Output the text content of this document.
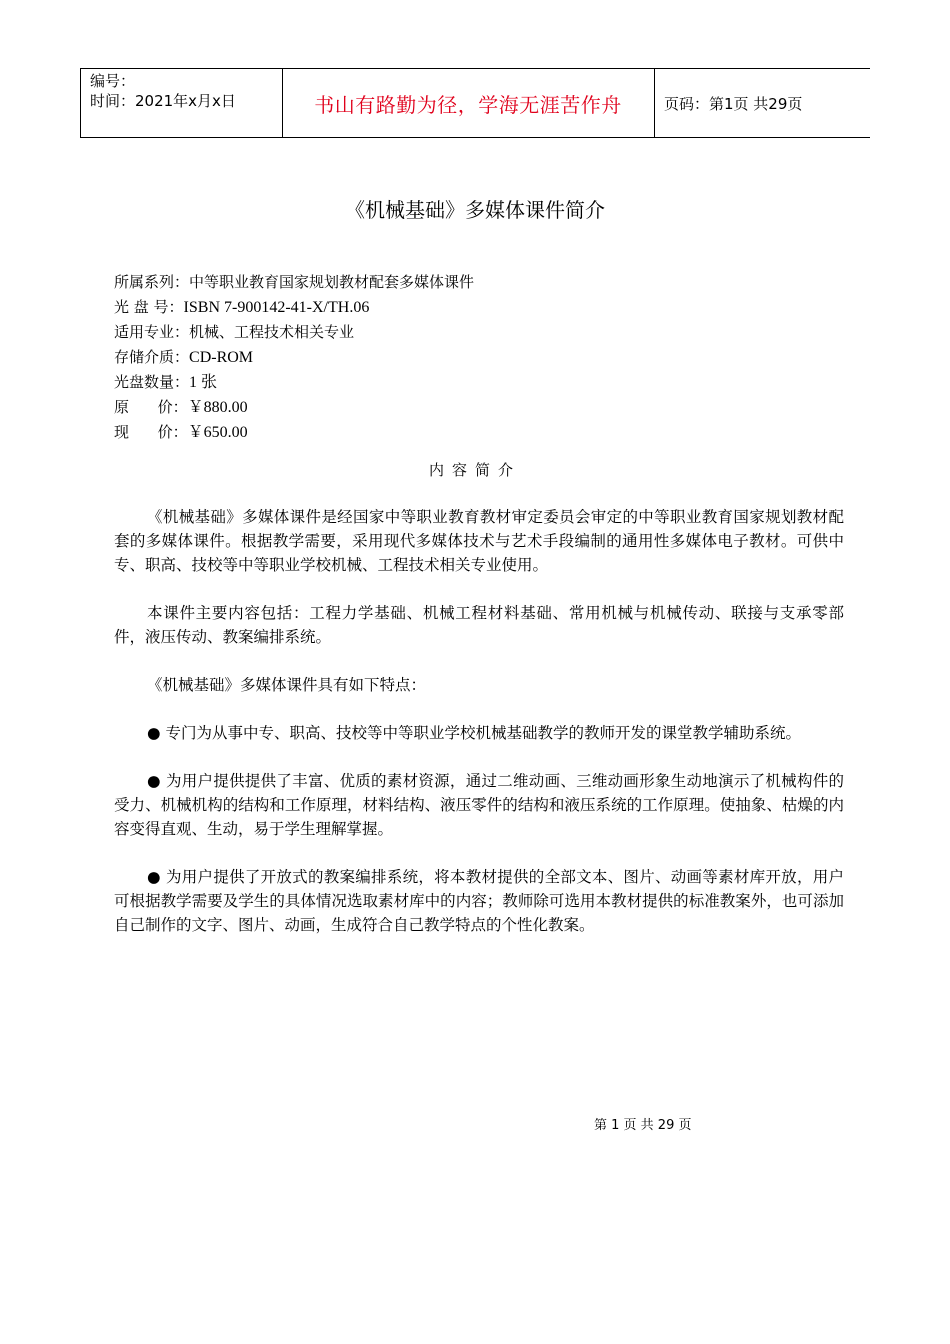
编号：
时间：2021年x月x日	书山有路勤为径，学海无涯苦作舟	页码：第1页 共29页
《机械基础》多媒体课件简介
所属系列：中等职业教育国家规划教材配套多媒体课件
光 盘 号：ISBN 7-900142-41-X/TH.06
适用专业：机械、工程技术相关专业
存储介质：CD-ROM
光盘数量：1 张
原      价：￥880.00
现      价：￥650.00
内容简介

《机械基础》多媒体课件是经国家中等职业教育教材审定委员会审定的中等职业教育国家规划教材配套的多媒体课件。根据教学需要，采用现代多媒体技术与艺术手段编制的通用性多媒体电子教材。可供中专、职高、技校等中等职业学校机械、工程技术相关专业使用。

本课件主要内容包括：工程力学基础、机械工程材料基础、常用机械与机械传动、联接与支承零部件，液压传动、教案编排系统。

《机械基础》多媒体课件具有如下特点：

● 专门为从事中专、职高、技校等中等职业学校机械基础教学的教师开发的课堂教学辅助系统。

● 为用户提供提供了丰富、优质的素材资源，通过二维动画、三维动画形象生动地演示了机械构件的受力、机械机构的结构和工作原理，材料结构、液压零件的结构和液压系统的工作原理。使抽象、枯燥的内容变得直观、生动，易于学生理解掌握。

● 为用户提供了开放式的教案编排系统，将本教材提供的全部文本、图片、动画等素材库开放，用户可根据教学需要及学生的具体情况选取素材库中的内容；教师除可选用本教材提供的标准教案外，也可添加自己制作的文字、图片、动画，生成符合自己教学特点的个性化教案。

第 1 页 共 29 页
